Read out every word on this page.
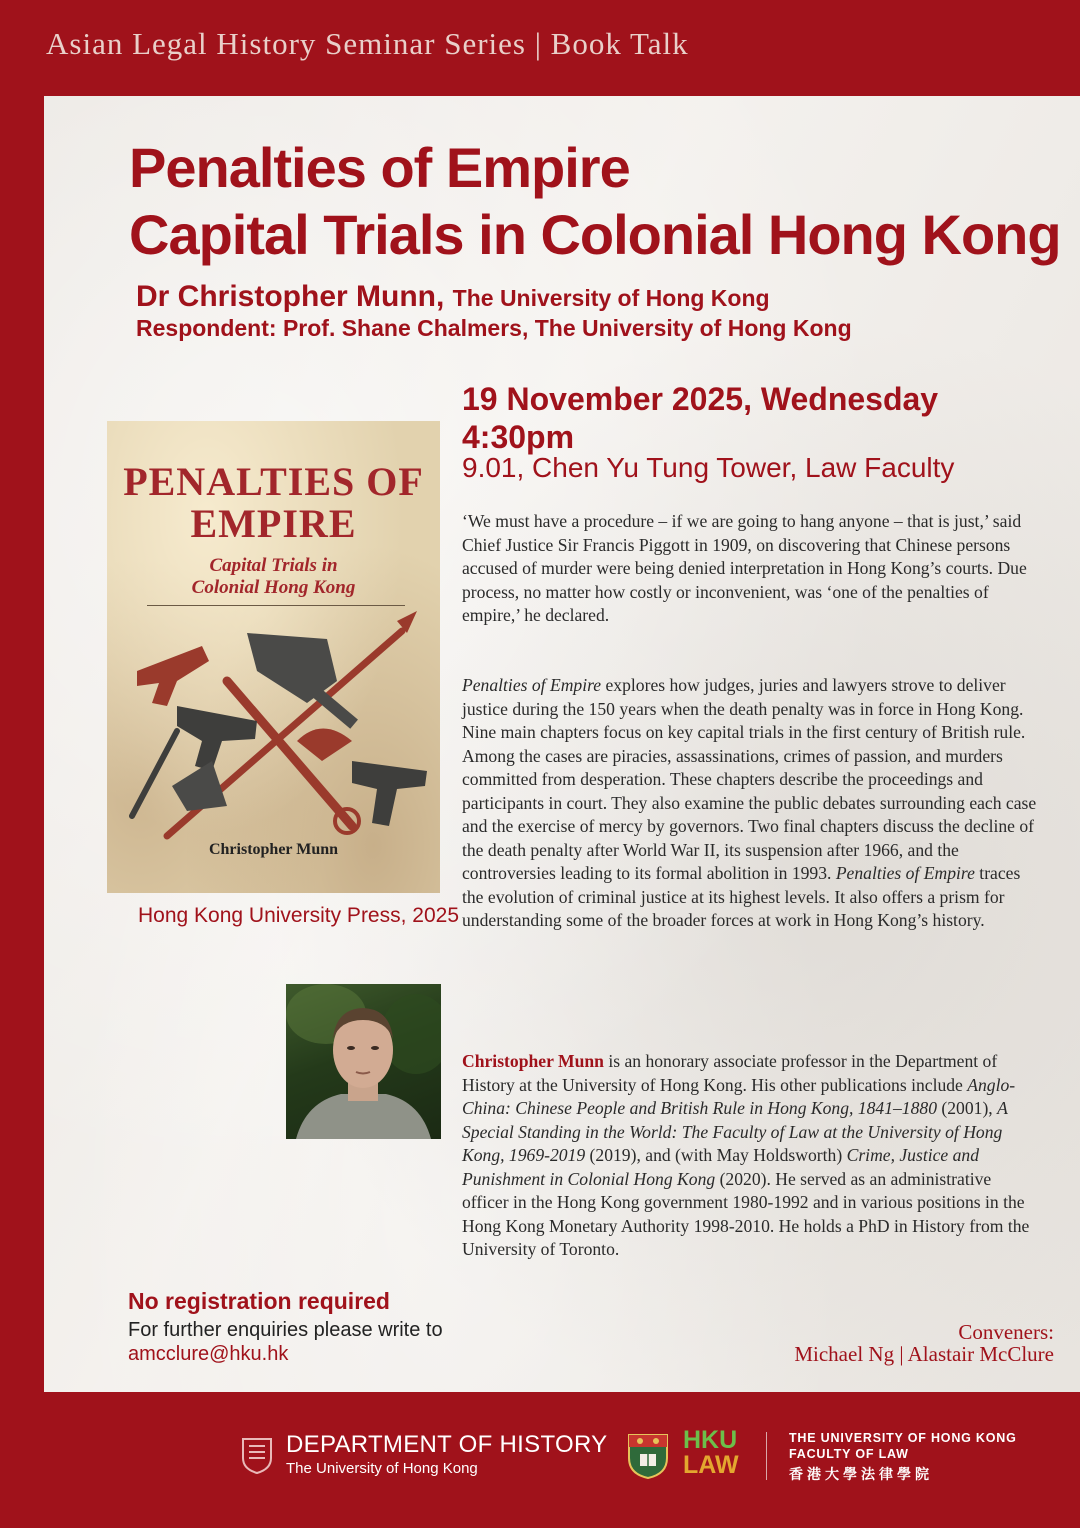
Asian Legal History Seminar Series | Book Talk
Penalties of Empire
Capital Trials in Colonial Hong Kong
Dr Christopher Munn, The University of Hong Kong
Respondent: Prof. Shane Chalmers, The University of Hong Kong
19 November 2025, Wednesday
4:30pm
9.01, Chen Yu Tung Tower, Law Faculty
‘We must have a procedure – if we are going to hang anyone – that is just,’ said Chief Justice Sir Francis Piggott in 1909, on discovering that Chinese persons accused of murder were being denied interpretation in Hong Kong’s courts. Due process, no matter how costly or inconvenient, was ‘one of the penalties of empire,’ he declared.
Penalties of Empire explores how judges, juries and lawyers strove to deliver justice during the 150 years when the death penalty was in force in Hong Kong. Nine main chapters focus on key capital trials in the first century of British rule. Among the cases are piracies, assassinations, crimes of passion, and murders committed from desperation. These chapters describe the proceedings and participants in court. They also examine the public debates surrounding each case and the exercise of mercy by governors. Two final chapters discuss the decline of the death penalty after World War II, its suspension after 1966, and the controversies leading to its formal abolition in 1993. Penalties of Empire traces the evolution of criminal justice at its highest levels. It also offers a prism for understanding some of the broader forces at work in Hong Kong’s history.
Christopher Munn is an honorary associate professor in the Department of History at the University of Hong Kong. His other publications include Anglo-China: Chinese People and British Rule in Hong Kong, 1841–1880 (2001), A Special Standing in the World: The Faculty of Law at the University of Hong Kong, 1969-2019 (2019), and (with May Holdsworth) Crime, Justice and Punishment in Colonial Hong Kong (2020). He served as an administrative officer in the Hong Kong government 1980-1992 and in various positions in the Hong Kong Monetary Authority 1998-2010. He holds a PhD in History from the University of Toronto.
PENALTIES OF EMPIRE
Capital Trials in
Colonial Hong Kong
Christopher Munn
Hong Kong University Press, 2025
No registration required
For further enquiries please write to
amcclure@hku.hk
Conveners:
Michael Ng | Alastair McClure
DEPARTMENT OF HISTORY
The University of Hong Kong
HKU
LAW
THE UNIVERSITY OF HONG KONG
FACULTY OF LAW
香港大學法律學院
